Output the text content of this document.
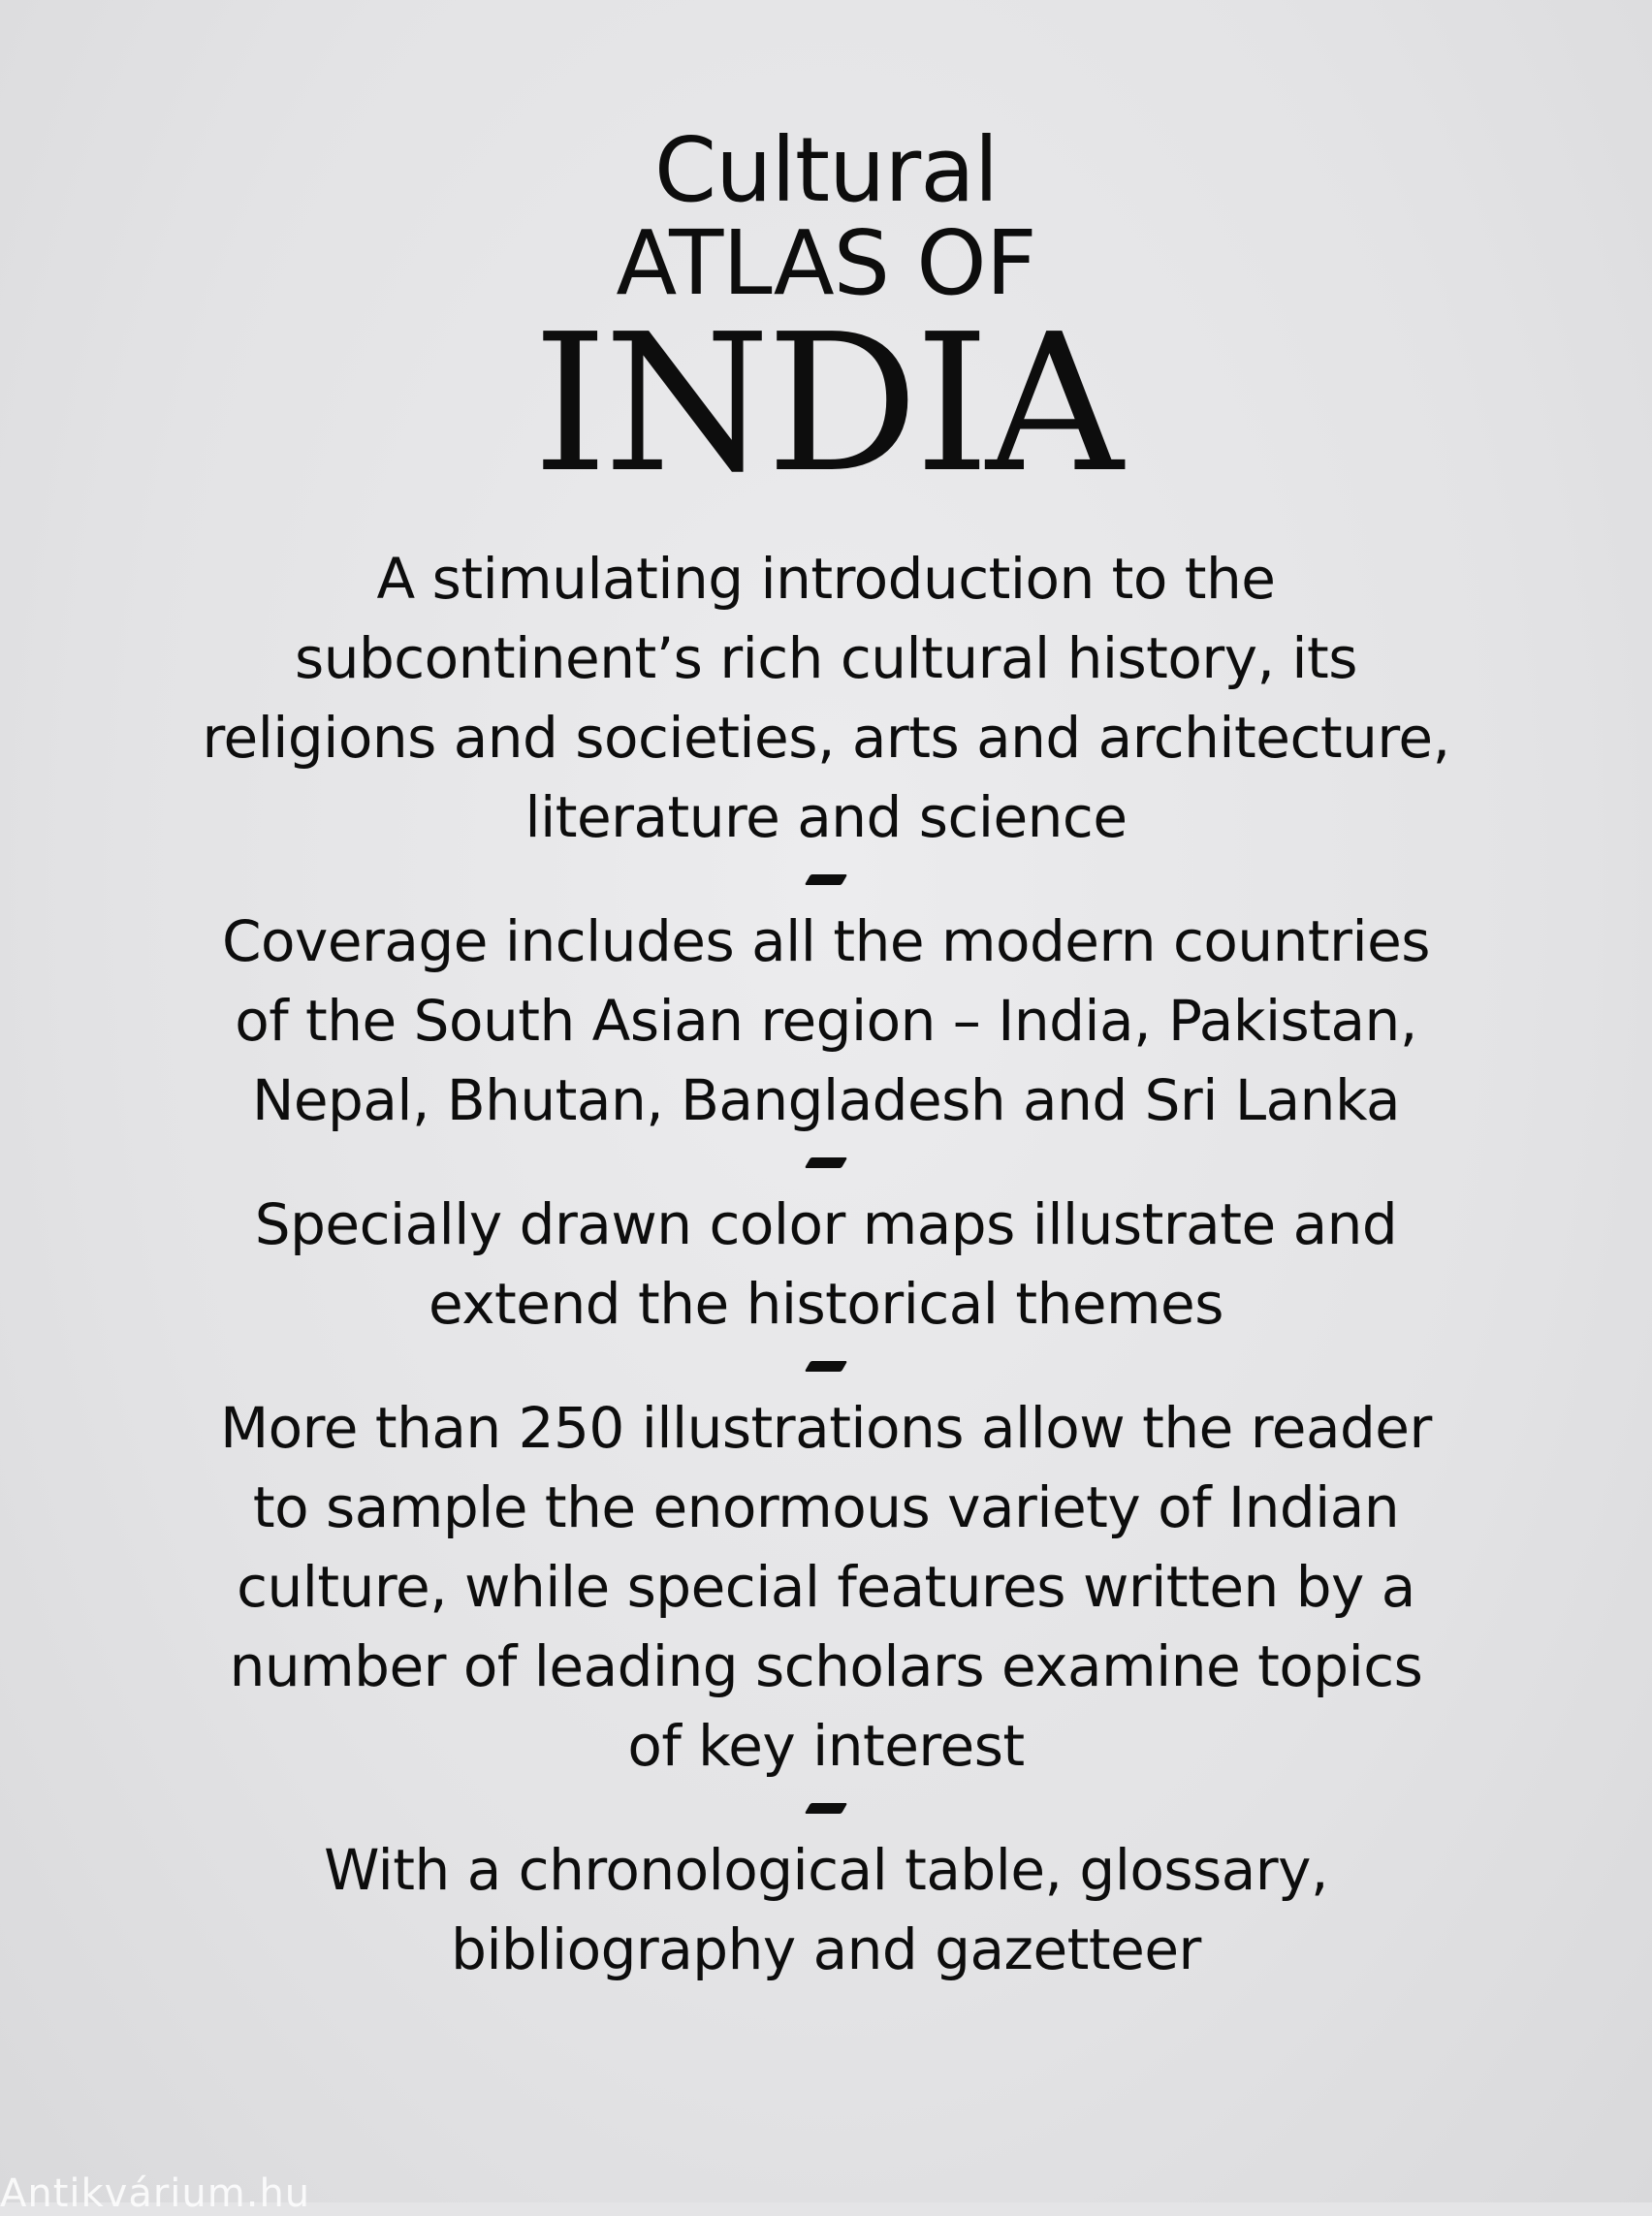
Cultural
ATLAS OF
INDIA

A stimulating introduction to the
subcontinent’s rich cultural history, its
religions and societies, arts and architecture,
literature and science

Coverage includes all the modern countries
of the South Asian region – India, Pakistan,
Nepal, Bhutan, Bangladesh and Sri Lanka

Specially drawn color maps illustrate and
extend the historical themes

More than 250 illustrations allow the reader
to sample the enormous variety of Indian
culture, while special features written by a
number of leading scholars examine topics
of key interest

With a chronological table, glossary,
bibliography and gazetteer

Antikvárium.hu
